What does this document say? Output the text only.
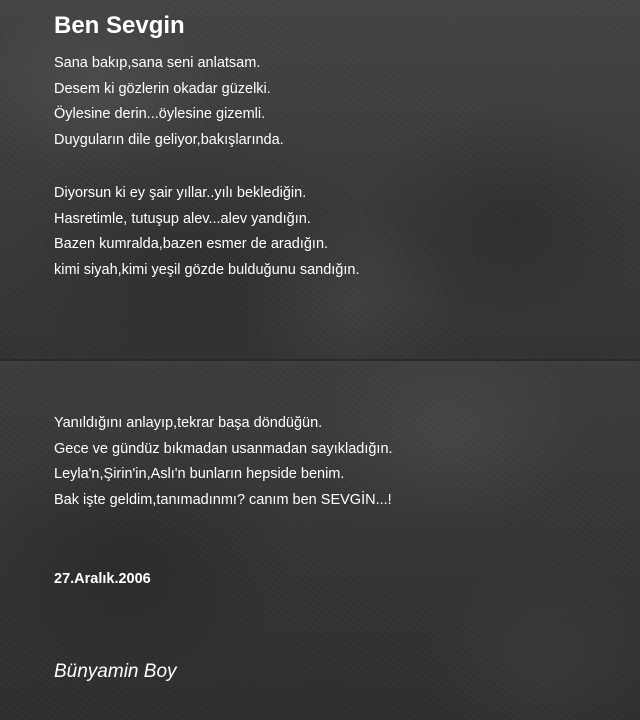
Ben Sevgin
Sana bakıp,sana seni anlatsam.
Desem ki gözlerin okadar güzelki.
Öylesine derin...öylesine gizemli.
Duyguların dile geliyor,bakışlarında.
Diyorsun ki ey şair yıllar..yılı beklediğin.
Hasretimle, tutuşup alev...alev yandığın.
Bazen kumralda,bazen esmer de aradığın.
kimi siyah,kimi yeşil gözde bulduğunu sandığın.
Yanıldığını anlayıp,tekrar başa döndüğün.
Gece ve gündüz bıkmadan usanmadan sayıkladığın.
Leyla'n,Şirin'in,Aslı'n bunların hepside benim.
Bak işte geldim,tanımadınmı? canım ben SEVGİN...!
27.Aralık.2006
Bünyamin Boy
